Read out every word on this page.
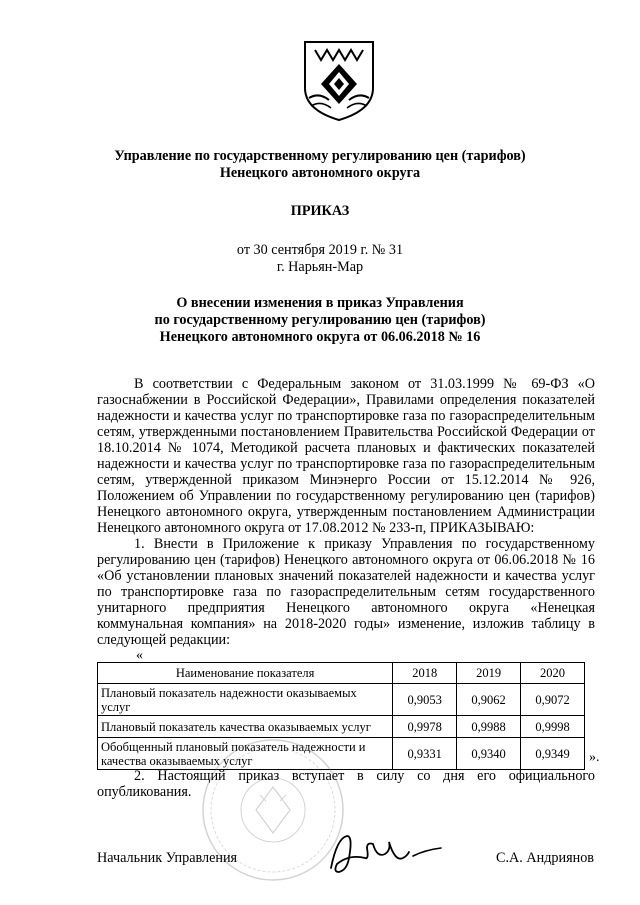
Управление по государственному регулированию цен (тарифов)
Ненецкого автономного округа
ПРИКАЗ
от 30 сентября 2019 г. № 31
г. Нарьян-Мар
О внесении изменения в приказ Управления
по государственному регулированию цен (тарифов)
Ненецкого автономного округа от 06.06.2018 № 16

В соответствии с Федеральным законом от 31.03.1999 № 69-ФЗ «О газоснабжении в Российской Федерации», Правилами определения показателей надежности и качества услуг по транспортировке газа по газораспределительным сетям, утвержденными постановлением Правительства Российской Федерации от 18.10.2014 № 1074, Методикой расчета плановых и фактических показателей надежности и качества услуг по транспортировке газа по газораспределительным сетям, утвержденной приказом Минэнерго России от 15.12.2014 № 926, Положением об Управлении по государственному регулированию цен (тарифов) Ненецкого автономного округа, утвержденным постановлением Администрации Ненецкого автономного округа от 17.08.2012 № 233-п, ПРИКАЗЫВАЮ:

1. Внести в Приложение к приказу Управления по государственному регулированию цен (тарифов) Ненецкого автономного округа от 06.06.2018 № 16 «Об установлении плановых значений показателей надежности и качества услуг по транспортировке газа по газораспределительным сетям государственного унитарного предприятия Ненецкого автономного округа «Ненецкая коммунальная компания» на 2018-2020 годы» изменение, изложив таблицу в следующей редакции:

«
Наименование показателя	2018	2019	2020
Плановый показатель надежности оказываемых услуг	0,9053	0,9062	0,9072
Плановый показатель качества оказываемых услуг	0,9978	0,9988	0,9998
Обобщенный плановый показатель надежности и качества оказываемых услуг	0,9331	0,9340	0,9349 ».

2. Настоящий приказ вступает в силу со дня его официального опубликования.

Начальник Управления	С.А. Андриянов
